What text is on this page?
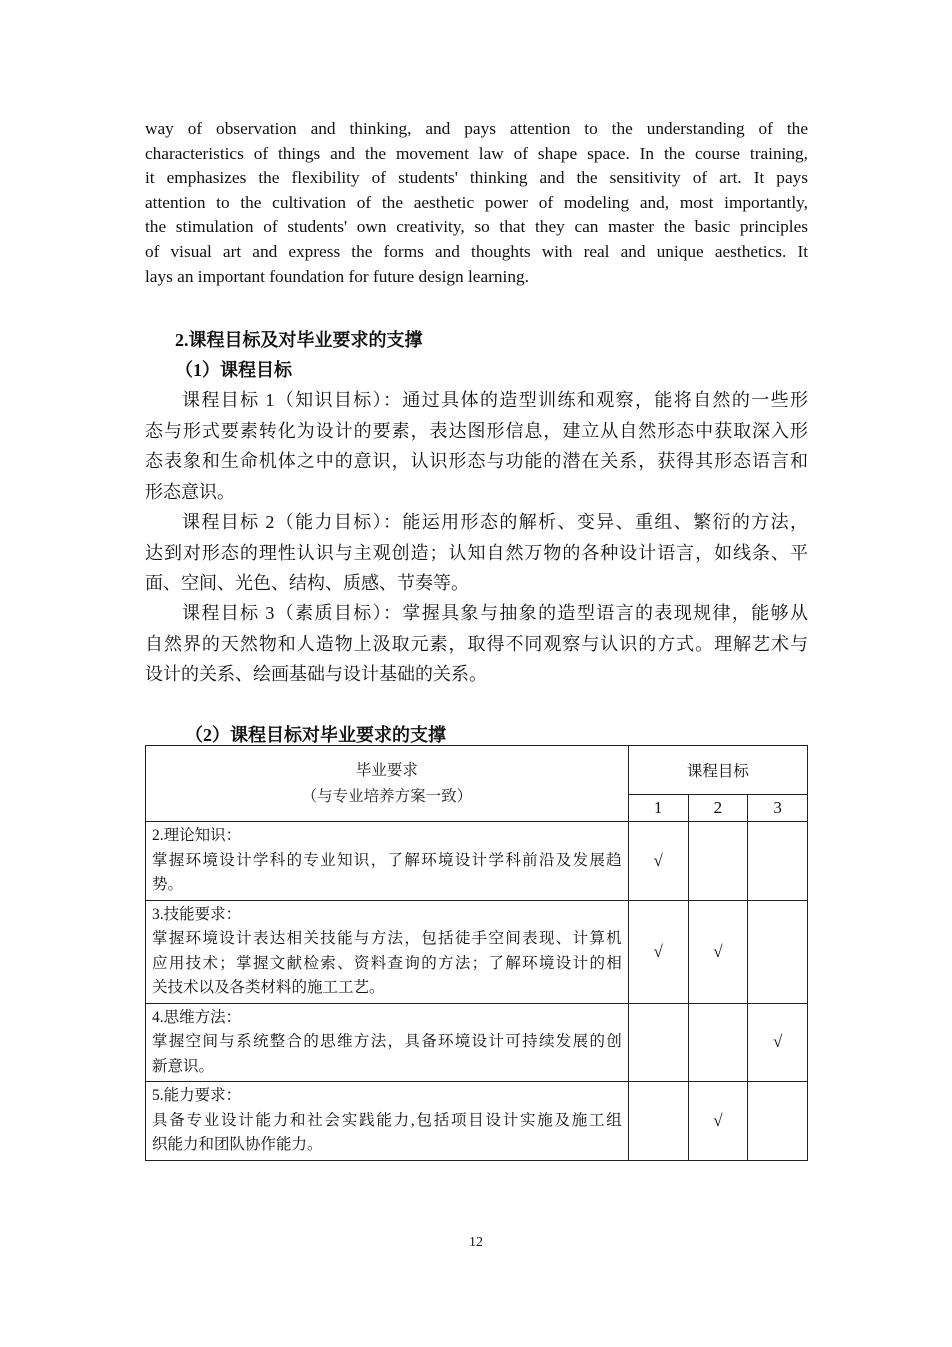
way of observation and thinking, and pays attention to the understanding of the
characteristics of things and the movement law of shape space. In the course training,
it emphasizes the flexibility of students' thinking and the sensitivity of art. It pays
attention to the cultivation of the aesthetic power of modeling and, most importantly,
the stimulation of students' own creativity, so that they can master the basic principles
of visual art and express the forms and thoughts with real and unique aesthetics. It
lays an important foundation for future design learning.
2.课程目标及对毕业要求的支撑
（1）课程目标
课程目标 1（知识目标）：通过具体的造型训练和观察，能将自然的一些形
态与形式要素转化为设计的要素，表达图形信息，建立从自然形态中获取深入形
态表象和生命机体之中的意识，认识形态与功能的潜在关系，获得其形态语言和
形态意识。
课程目标 2（能力目标）：能运用形态的解析、变异、重组、繁衍的方法，
达到对形态的理性认识与主观创造；认知自然万物的各种设计语言，如线条、平
面、空间、光色、结构、质感、节奏等。
课程目标 3（素质目标）：掌握具象与抽象的造型语言的表现规律，能够从
自然界的天然物和人造物上汲取元素，取得不同观察与认识的方式。理解艺术与
设计的关系、绘画基础与设计基础的关系。
（2）课程目标对毕业要求的支撑
毕业要求
（与专业培养方案一致）	课程目标		
	1	2	3

2.理论知识：
掌握环境设计学科的专业知识，了解环境设计学科前沿及发展趋
势。	√		

3.技能要求：
掌握环境设计表达相关技能与方法，包括徒手空间表现、计算机
应用技术；掌握文献检索、资料查询的方法；了解环境设计的相
关技术以及各类材料的施工工艺。	√	√	

4.思维方法：
掌握空间与系统整合的思维方法，具备环境设计可持续发展的创
新意识。			√

5.能力要求：
具备专业设计能力和社会实践能力,包括项目设计实施及施工组
织能力和团队协作能力。		√	
12
